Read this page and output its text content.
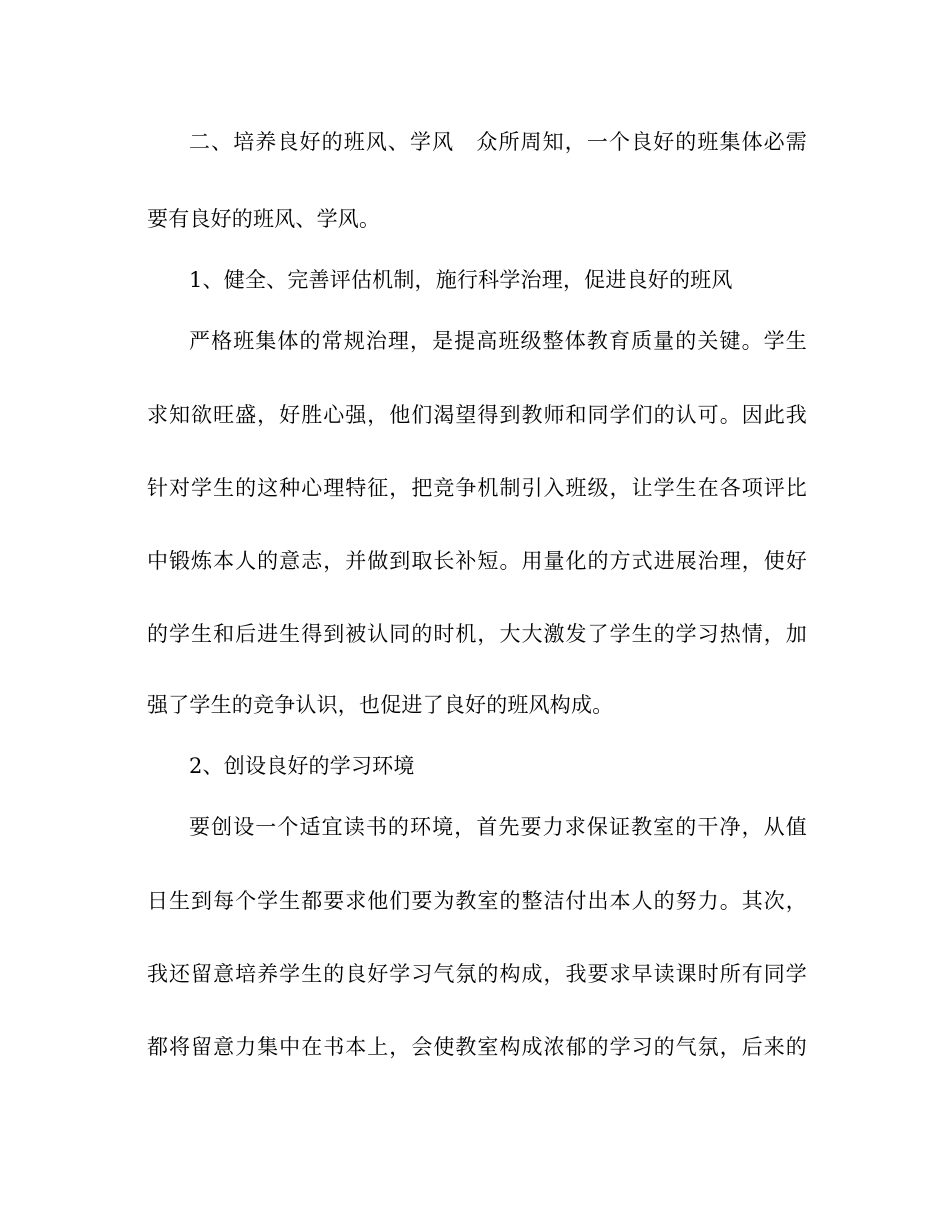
二、培养良好的班风、学风　众所周知，一个良好的班集体必需
要有良好的班风、学风。
1、健全、完善评估机制，施行科学治理，促进良好的班风
严格班集体的常规治理，是提高班级整体教育质量的关键。学生
求知欲旺盛，好胜心强，他们渴望得到教师和同学们的认可。因此我
针对学生的这种心理特征，把竞争机制引入班级，让学生在各项评比
中锻炼本人的意志，并做到取长补短。用量化的方式进展治理，使好
的学生和后进生得到被认同的时机，大大激发了学生的学习热情，加
强了学生的竞争认识，也促进了良好的班风构成。
2、创设良好的学习环境
要创设一个适宜读书的环境，首先要力求保证教室的干净，从值
日生到每个学生都要求他们要为教室的整洁付出本人的努力。其次，
我还留意培养学生的良好学习气氛的构成，我要求早读课时所有同学
都将留意力集中在书本上，会使教室构成浓郁的学习的气氛，后来的
